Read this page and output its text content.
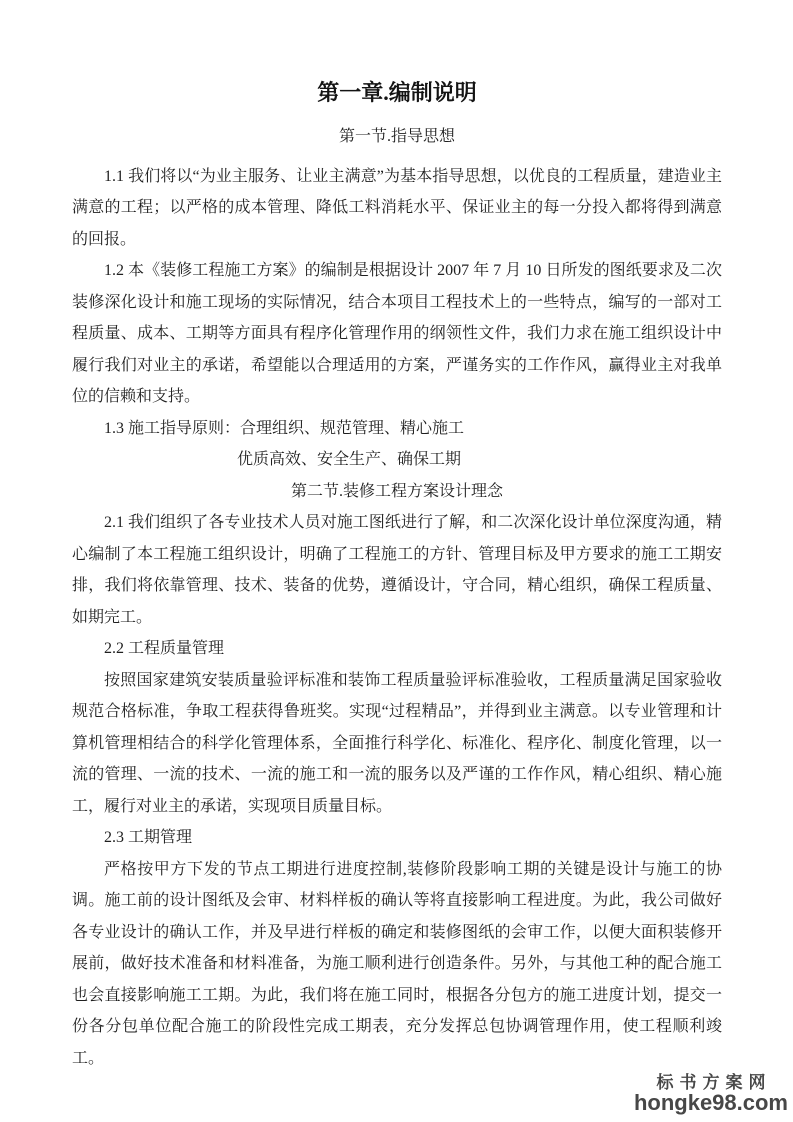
第一章.编制说明
第一节.指导思想

1.1 我们将以“为业主服务、让业主满意”为基本指导思想，以优良的工程质量，建造业主满意的工程；以严格的成本管理、降低工料消耗水平、保证业主的每一分投入都将得到满意的回报。

1.2 本《装修工程施工方案》的编制是根据设计 2007 年 7 月 10 日所发的图纸要求及二次装修深化设计和施工现场的实际情况，结合本项目工程技术上的一些特点，编写的一部对工程质量、成本、工期等方面具有程序化管理作用的纲领性文件，我们力求在施工组织设计中履行我们对业主的承诺，希望能以合理适用的方案，严谨务实的工作作风，赢得业主对我单位的信赖和支持。

1.3 施工指导原则：合理组织、规范管理、精心施工

优质高效、安全生产、确保工期

第二节.装修工程方案设计理念

2.1 我们组织了各专业技术人员对施工图纸进行了解，和二次深化设计单位深度沟通，精心编制了本工程施工组织设计，明确了工程施工的方针、管理目标及甲方要求的施工工期安排，我们将依靠管理、技术、装备的优势，遵循设计，守合同，精心组织，确保工程质量、如期完工。

2.2 工程质量管理

按照国家建筑安装质量验评标准和装饰工程质量验评标准验收，工程质量满足国家验收规范合格标准，争取工程获得鲁班奖。实现“过程精品”，并得到业主满意。以专业管理和计算机管理相结合的科学化管理体系，全面推行科学化、标准化、程序化、制度化管理，以一流的管理、一流的技术、一流的施工和一流的服务以及严谨的工作作风，精心组织、精心施工，履行对业主的承诺，实现项目质量目标。

2.3 工期管理

严格按甲方下发的节点工期进行进度控制,装修阶段影响工期的关键是设计与施工的协调。施工前的设计图纸及会审、材料样板的确认等将直接影响工程进度。为此，我公司做好各专业设计的确认工作，并及早进行样板的确定和装修图纸的会审工作，以便大面积装修开展前，做好技术准备和材料准备，为施工顺利进行创造条件。另外，与其他工种的配合施工也会直接影响施工工期。为此，我们将在施工同时，根据各分包方的施工进度计划，提交一份各分包单位配合施工的阶段性完成工期表，充分发挥总包协调管理作用，使工程顺利竣工。

标书方案网
hongke98.com
